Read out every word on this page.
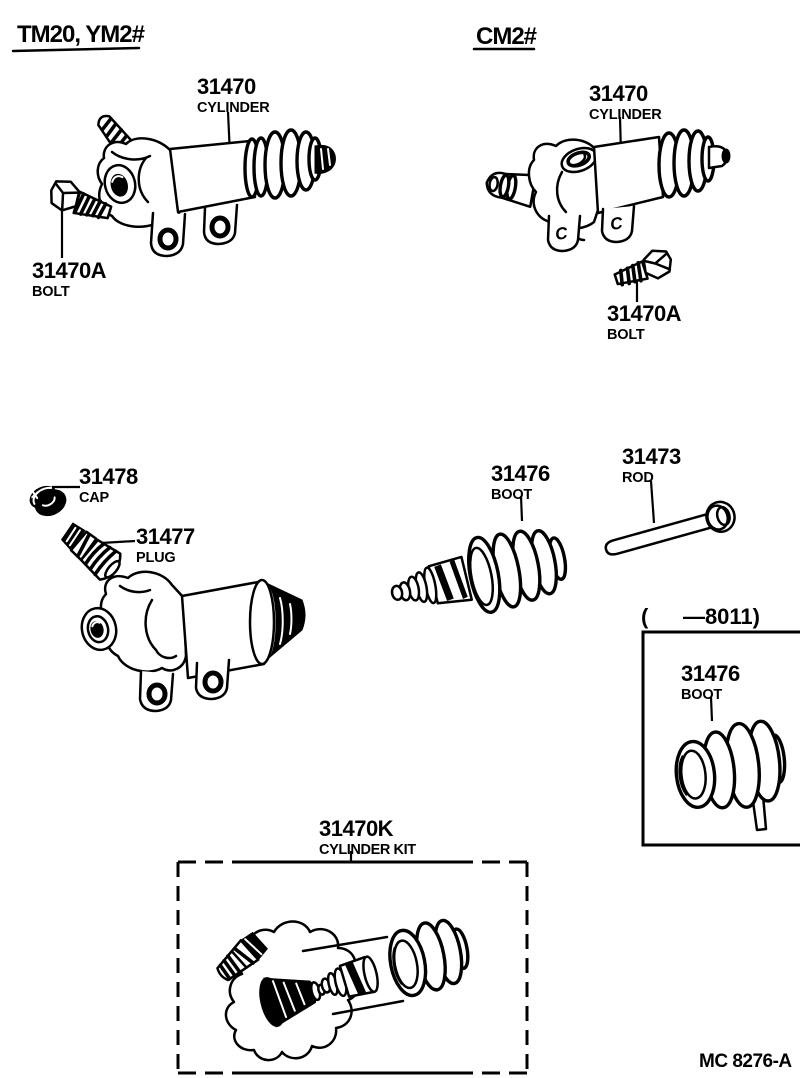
C C
TM20, YM2#	CM2#
31470
CYLINDER
31470A
BOLT
31470
CYLINDER
31470A
BOLT
31478
CAP
31477
PLUG
31476
BOOT
31473
ROD
( —8011)
31476
BOOT
31470K
CYLINDER KIT
MC 8276-A
